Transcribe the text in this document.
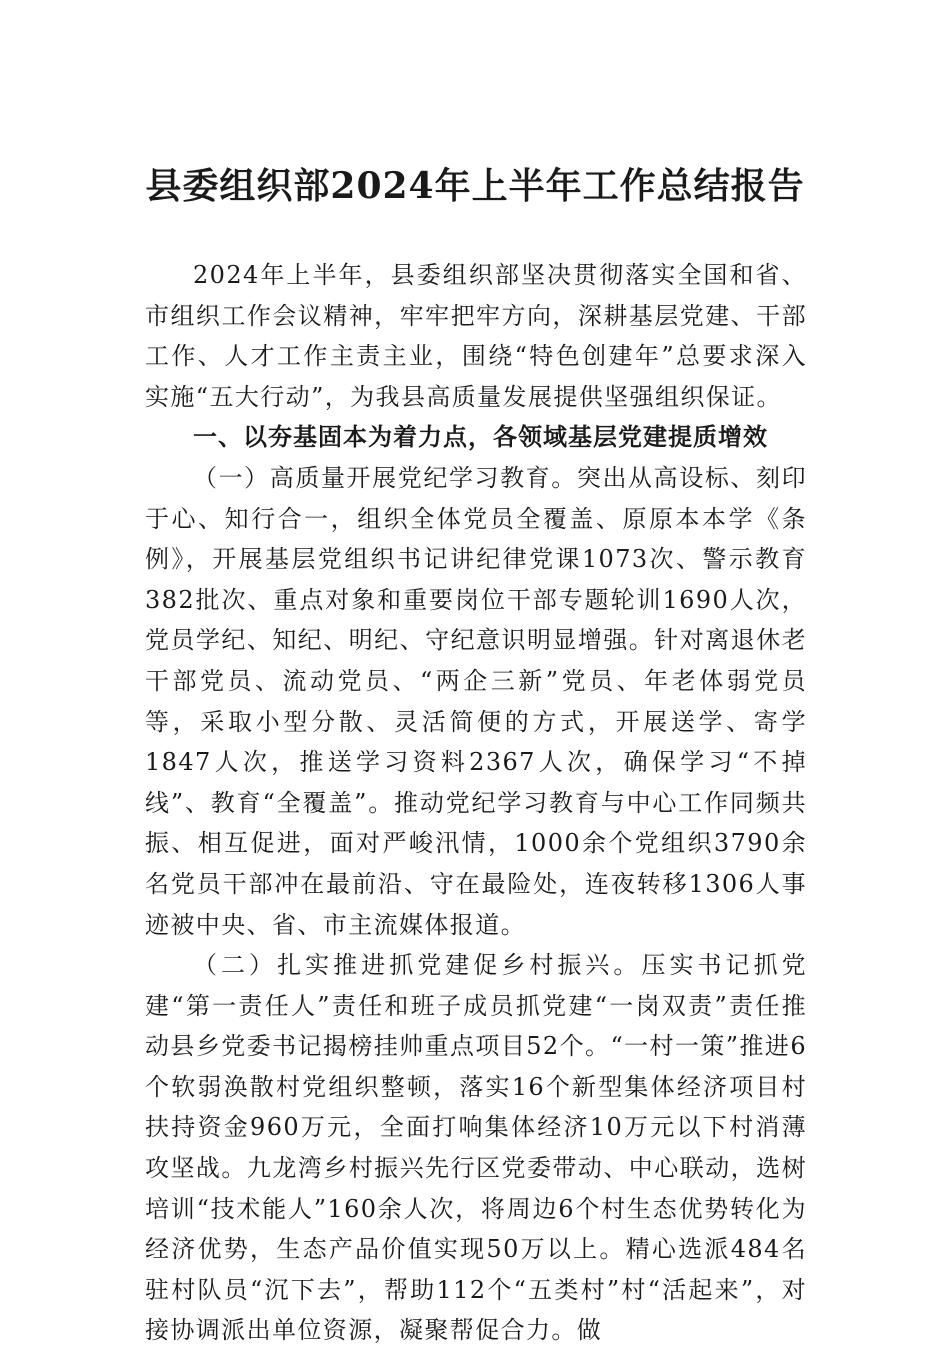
县委组织部2024年上半年工作总结报告

2024年上半年，县委组织部坚决贯彻落实全国和省、市组织工作会议精神，牢牢把牢方向，深耕基层党建、干部工作、人才工作主责主业，围绕“特色创建年”总要求深入实施“五大行动”，为我县高质量发展提供坚强组织保证。

一、以夯基固本为着力点，各领域基层党建提质增效

（一）高质量开展党纪学习教育。突出从高设标、刻印于心、知行合一，组织全体党员全覆盖、原原本本学《条例》，开展基层党组织书记讲纪律党课1073次、警示教育382批次、重点对象和重要岗位干部专题轮训1690人次，党员学纪、知纪、明纪、守纪意识明显增强。针对离退休老干部党员、流动党员、“两企三新”党员、年老体弱党员等，采取小型分散、灵活简便的方式，开展送学、寄学1847人次，推送学习资料2367人次，确保学习“不掉线”、教育“全覆盖”。推动党纪学习教育与中心工作同频共振、相互促进，面对严峻汛情，1000余个党组织3790余名党员干部冲在最前沿、守在最险处，连夜转移1306人事迹被中央、省、市主流媒体报道。

（二）扎实推进抓党建促乡村振兴。压实书记抓党建“第一责任人”责任和班子成员抓党建“一岗双责”责任推动县乡党委书记揭榜挂帅重点项目52个。“一村一策”推进6个软弱涣散村党组织整顿，落实16个新型集体经济项目村扶持资金960万元，全面打响集体经济10万元以下村消薄攻坚战。九龙湾乡村振兴先行区党委带动、中心联动，选树培训“技术能人”160余人次，将周边6个村生态优势转化为经济优势，生态产品价值实现50万以上。精心选派484名驻村队员“沉下去”，帮助112个“五类村”村“活起来”，对接协调派出单位资源，凝聚帮促合力。做
